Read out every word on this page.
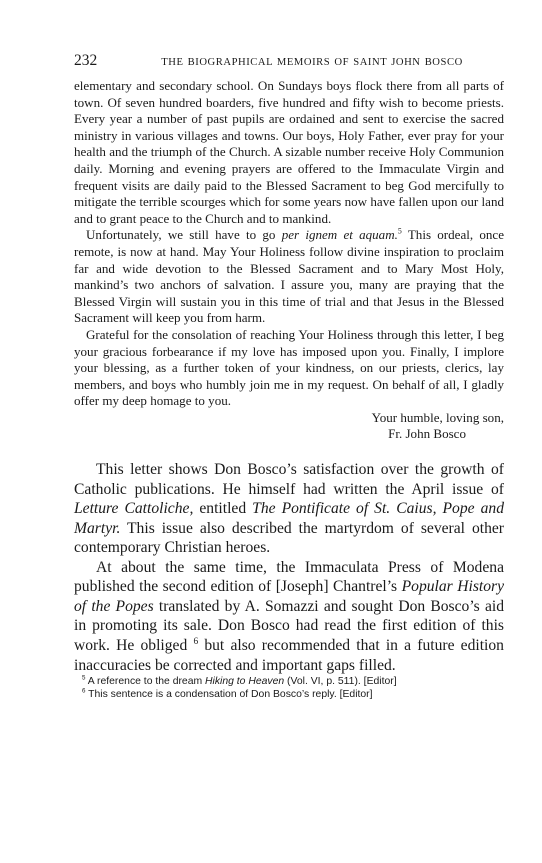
232	THE BIOGRAPHICAL MEMOIRS OF SAINT JOHN BOSCO

elementary and secondary school. On Sundays boys flock there from all parts of town. Of seven hundred boarders, five hundred and fifty wish to become priests. Every year a number of past pupils are ordained and sent to exercise the sacred ministry in various villages and towns. Our boys, Holy Father, ever pray for your health and the triumph of the Church. A sizable number receive Holy Communion daily. Morning and evening prayers are offered to the Immaculate Virgin and frequent visits are daily paid to the Blessed Sacrament to beg God mercifully to mitigate the terrible scourges which for some years now have fallen upon our land and to grant peace to the Church and to mankind.

Unfortunately, we still have to go per ignem et aquam.$^5$ This ordeal, once remote, is now at hand. May Your Holiness follow divine inspiration to proclaim far and wide devotion to the Blessed Sacrament and to Mary Most Holy, mankind’s two anchors of salvation. I assure you, many are praying that the Blessed Virgin will sustain you in this time of trial and that Jesus in the Blessed Sacrament will keep you from harm.

Grateful for the consolation of reaching Your Holiness through this letter, I beg your gracious forbearance if my love has imposed upon you. Finally, I implore your blessing, as a further token of your kindness, on our priests, clerics, lay members, and boys who humbly join me in my request. On behalf of all, I gladly offer my deep homage to you.

Your humble, loving son,
Fr. John Bosco

This letter shows Don Bosco’s satisfaction over the growth of Catholic publications. He himself had written the April issue of Letture Cattoliche, entitled The Pontificate of St. Caius, Pope and Martyr. This issue also described the martyrdom of several other contemporary Christian heroes.

At about the same time, the Immaculata Press of Modena published the second edition of [Joseph] Chantrel’s Popular History of the Popes translated by A. Somazzi and sought Don Bosco’s aid in promoting its sale. Don Bosco had read the first edition of this work. He obliged $^6$ but also recommended that in a future edition inaccuracies be corrected and important gaps filled.

$^5$ A reference to the dream Hiking to Heaven (Vol. VI, p. 511). [Editor]

$^6$ This sentence is a condensation of Don Bosco’s reply. [Editor]
